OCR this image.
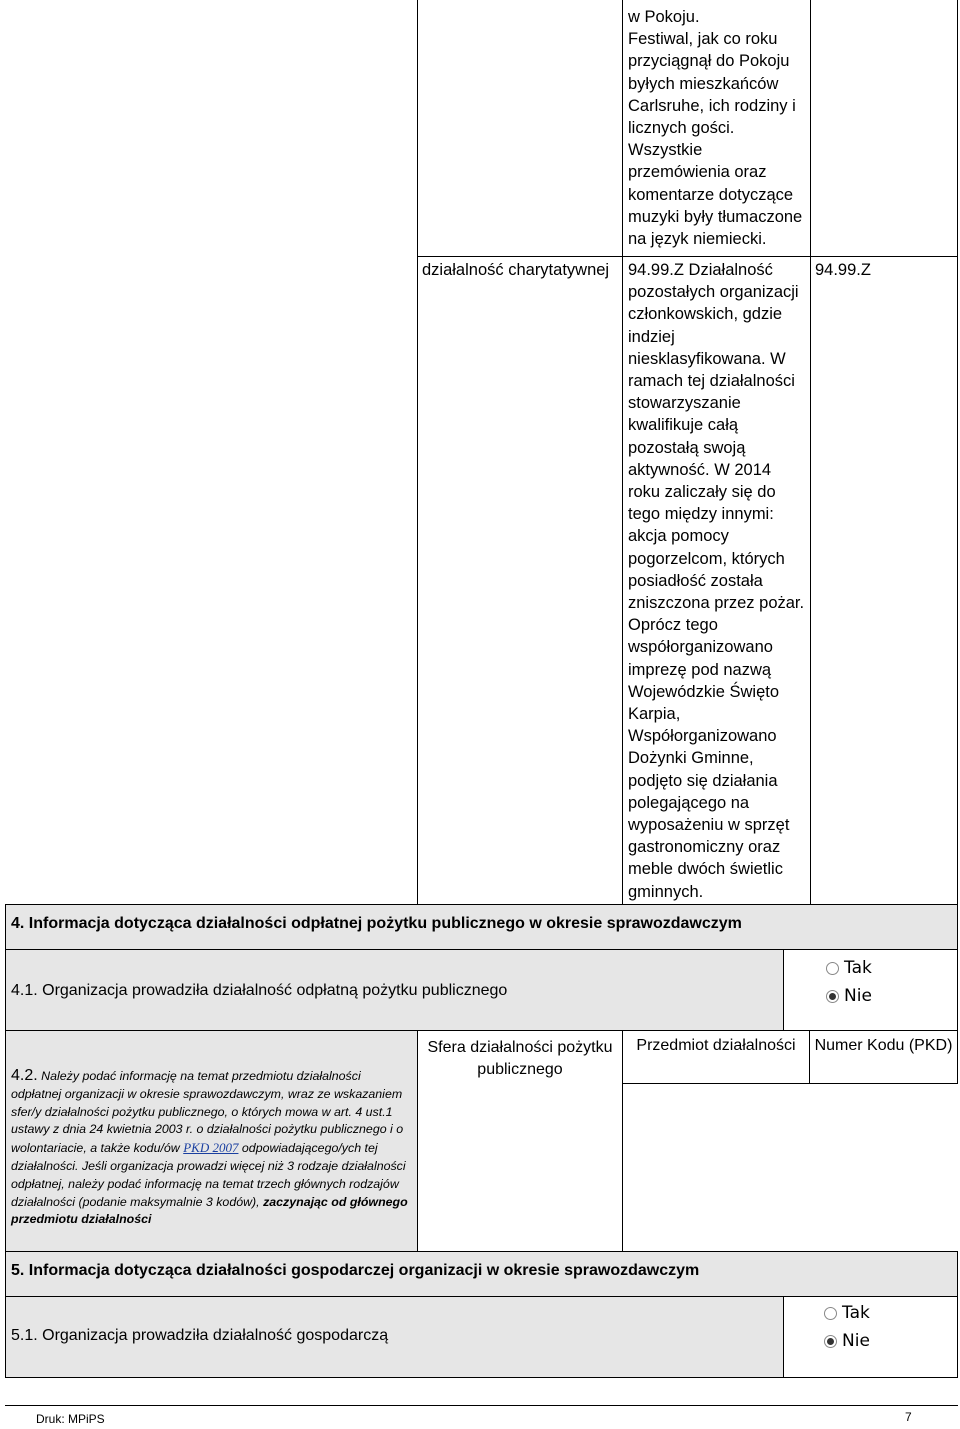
w Pokoju.
Festiwal, jak co roku
przyciągnął do Pokoju
byłych mieszkańców
Carlsruhe, ich rodziny i
licznych gości.
Wszystkie
przemówienia oraz
komentarze dotyczące
muzyki były tłumaczone
na język niemiecki.
działalność charytatywnej 94.99.Z Działalność
pozostałych organizacji
członkowskich, gdzie
indziej
niesklasyfikowana. W
ramach tej działalności
stowarzyszanie
kwalifikuje całą
pozostałą swoją
aktywność. W 2014
roku zaliczały się do
tego między innymi:
akcja pomocy
pogorzelcom, których
posiadłość została
zniszczona przez pożar.
Oprócz tego
współorganizowano
imprezę pod nazwą
Wojewódzkie Święto
Karpia,
Współorganizowano
Dożynki Gminne,
podjęto się działania
polegającego na
wyposażeniu w sprzęt
gastronomiczny oraz
meble dwóch świetlic
gminnych.
94.99.Z
4. Informacja dotycząca działalności odpłatnej pożytku publicznego w okresie sprawozdawczym
4.1. Organizacja prowadziła działalność odpłatną pożytku publicznego
Tak
Nie
4.2. Należy podać informację na temat przedmiotu działalności odpłatnej organizacji w okresie sprawozdawczym, wraz ze wskazaniem sfer/y działalności pożytku publicznego, o których mowa w art. 4 ust.1 ustawy z dnia 24 kwietnia 2003 r. o działalności pożytku publicznego i o wolontariacie, a także kodu/ów PKD 2007 odpowiadającego/ych tej działalności. Jeśli organizacja prowadzi więcej niż 3 rodzaje działalności odpłatnej, należy podać informację na temat trzech głównych rodzajów działalności (podanie maksymalnie 3 kodów), zaczynając od głównego przedmiotu działalności
Sfera działalności pożytku publicznego
Przedmiot działalności	Numer Kodu (PKD)
5. Informacja dotycząca działalności gospodarczej organizacji w okresie sprawozdawczym
5.1. Organizacja prowadziła działalność gospodarczą
Tak
Nie
Druk: MPiPS	7
